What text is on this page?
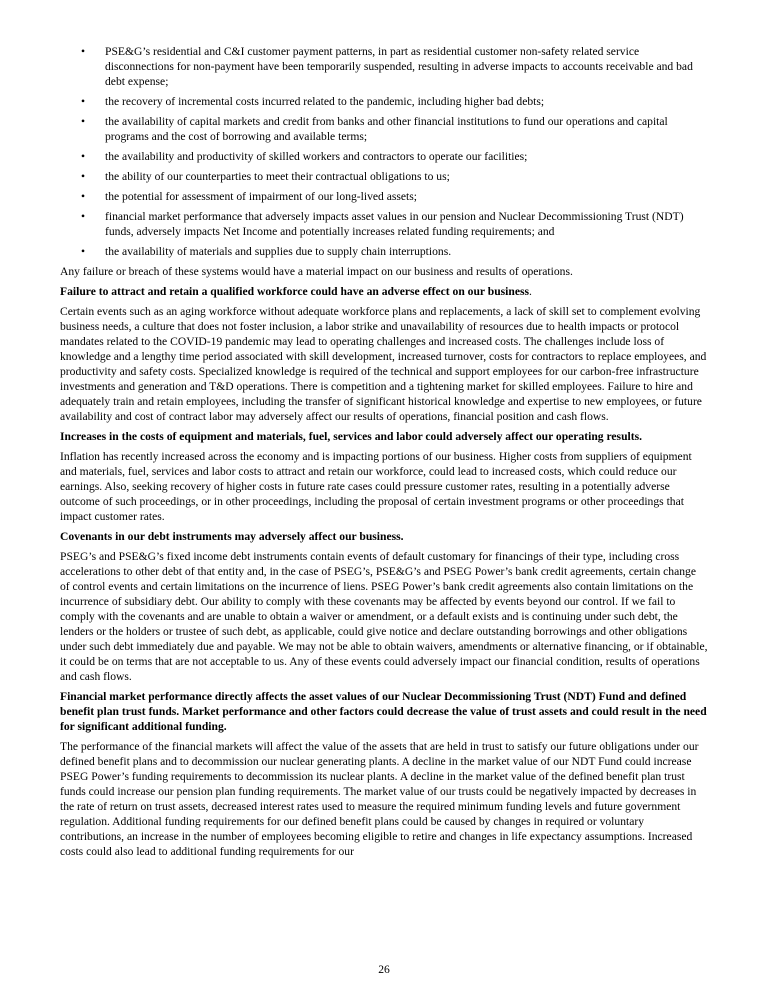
• PSE&G’s residential and C&I customer payment patterns, in part as residential customer non-safety related service disconnections for non-payment have been temporarily suspended, resulting in adverse impacts to accounts receivable and bad debt expense;
• the recovery of incremental costs incurred related to the pandemic, including higher bad debts;
• the availability of capital markets and credit from banks and other financial institutions to fund our operations and capital programs and the cost of borrowing and available terms;
• the availability and productivity of skilled workers and contractors to operate our facilities;
• the ability of our counterparties to meet their contractual obligations to us;
• the potential for assessment of impairment of our long-lived assets;
• financial market performance that adversely impacts asset values in our pension and Nuclear Decommissioning Trust (NDT) funds, adversely impacts Net Income and potentially increases related funding requirements; and
• the availability of materials and supplies due to supply chain interruptions.

Any failure or breach of these systems would have a material impact on our business and results of operations.

Failure to attract and retain a qualified workforce could have an adverse effect on our business.

Certain events such as an aging workforce without adequate workforce plans and replacements, a lack of skill set to complement evolving business needs, a culture that does not foster inclusion, a labor strike and unavailability of resources due to health impacts or protocol mandates related to the COVID-19 pandemic may lead to operating challenges and increased costs. The challenges include loss of knowledge and a lengthy time period associated with skill development, increased turnover, costs for contractors to replace employees, and productivity and safety costs. Specialized knowledge is required of the technical and support employees for our carbon-free infrastructure investments and generation and T&D operations. There is competition and a tightening market for skilled employees. Failure to hire and adequately train and retain employees, including the transfer of significant historical knowledge and expertise to new employees, or future availability and cost of contract labor may adversely affect our results of operations, financial position and cash flows.

Increases in the costs of equipment and materials, fuel, services and labor could adversely affect our operating results.

Inflation has recently increased across the economy and is impacting portions of our business. Higher costs from suppliers of equipment and materials, fuel, services and labor costs to attract and retain our workforce, could lead to increased costs, which could reduce our earnings. Also, seeking recovery of higher costs in future rate cases could pressure customer rates, resulting in a potentially adverse outcome of such proceedings, or in other proceedings, including the proposal of certain investment programs or other proceedings that impact customer rates.

Covenants in our debt instruments may adversely affect our business.

PSEG’s and PSE&G’s fixed income debt instruments contain events of default customary for financings of their type, including cross accelerations to other debt of that entity and, in the case of PSEG’s, PSE&G’s and PSEG Power’s bank credit agreements, certain change of control events and certain limitations on the incurrence of liens. PSEG Power’s bank credit agreements also contain limitations on the incurrence of subsidiary debt. Our ability to comply with these covenants may be affected by events beyond our control. If we fail to comply with the covenants and are unable to obtain a waiver or amendment, or a default exists and is continuing under such debt, the lenders or the holders or trustee of such debt, as applicable, could give notice and declare outstanding borrowings and other obligations under such debt immediately due and payable. We may not be able to obtain waivers, amendments or alternative financing, or if obtainable, it could be on terms that are not acceptable to us. Any of these events could adversely impact our financial condition, results of operations and cash flows.

Financial market performance directly affects the asset values of our Nuclear Decommissioning Trust (NDT) Fund and defined benefit plan trust funds. Market performance and other factors could decrease the value of trust assets and could result in the need for significant additional funding.

The performance of the financial markets will affect the value of the assets that are held in trust to satisfy our future obligations under our defined benefit plans and to decommission our nuclear generating plants. A decline in the market value of our NDT Fund could increase PSEG Power’s funding requirements to decommission its nuclear plants. A decline in the market value of the defined benefit plan trust funds could increase our pension plan funding requirements. The market value of our trusts could be negatively impacted by decreases in the rate of return on trust assets, decreased interest rates used to measure the required minimum funding levels and future government regulation. Additional funding requirements for our defined benefit plans could be caused by changes in required or voluntary contributions, an increase in the number of employees becoming eligible to retire and changes in life expectancy assumptions. Increased costs could also lead to additional funding requirements for our

26
